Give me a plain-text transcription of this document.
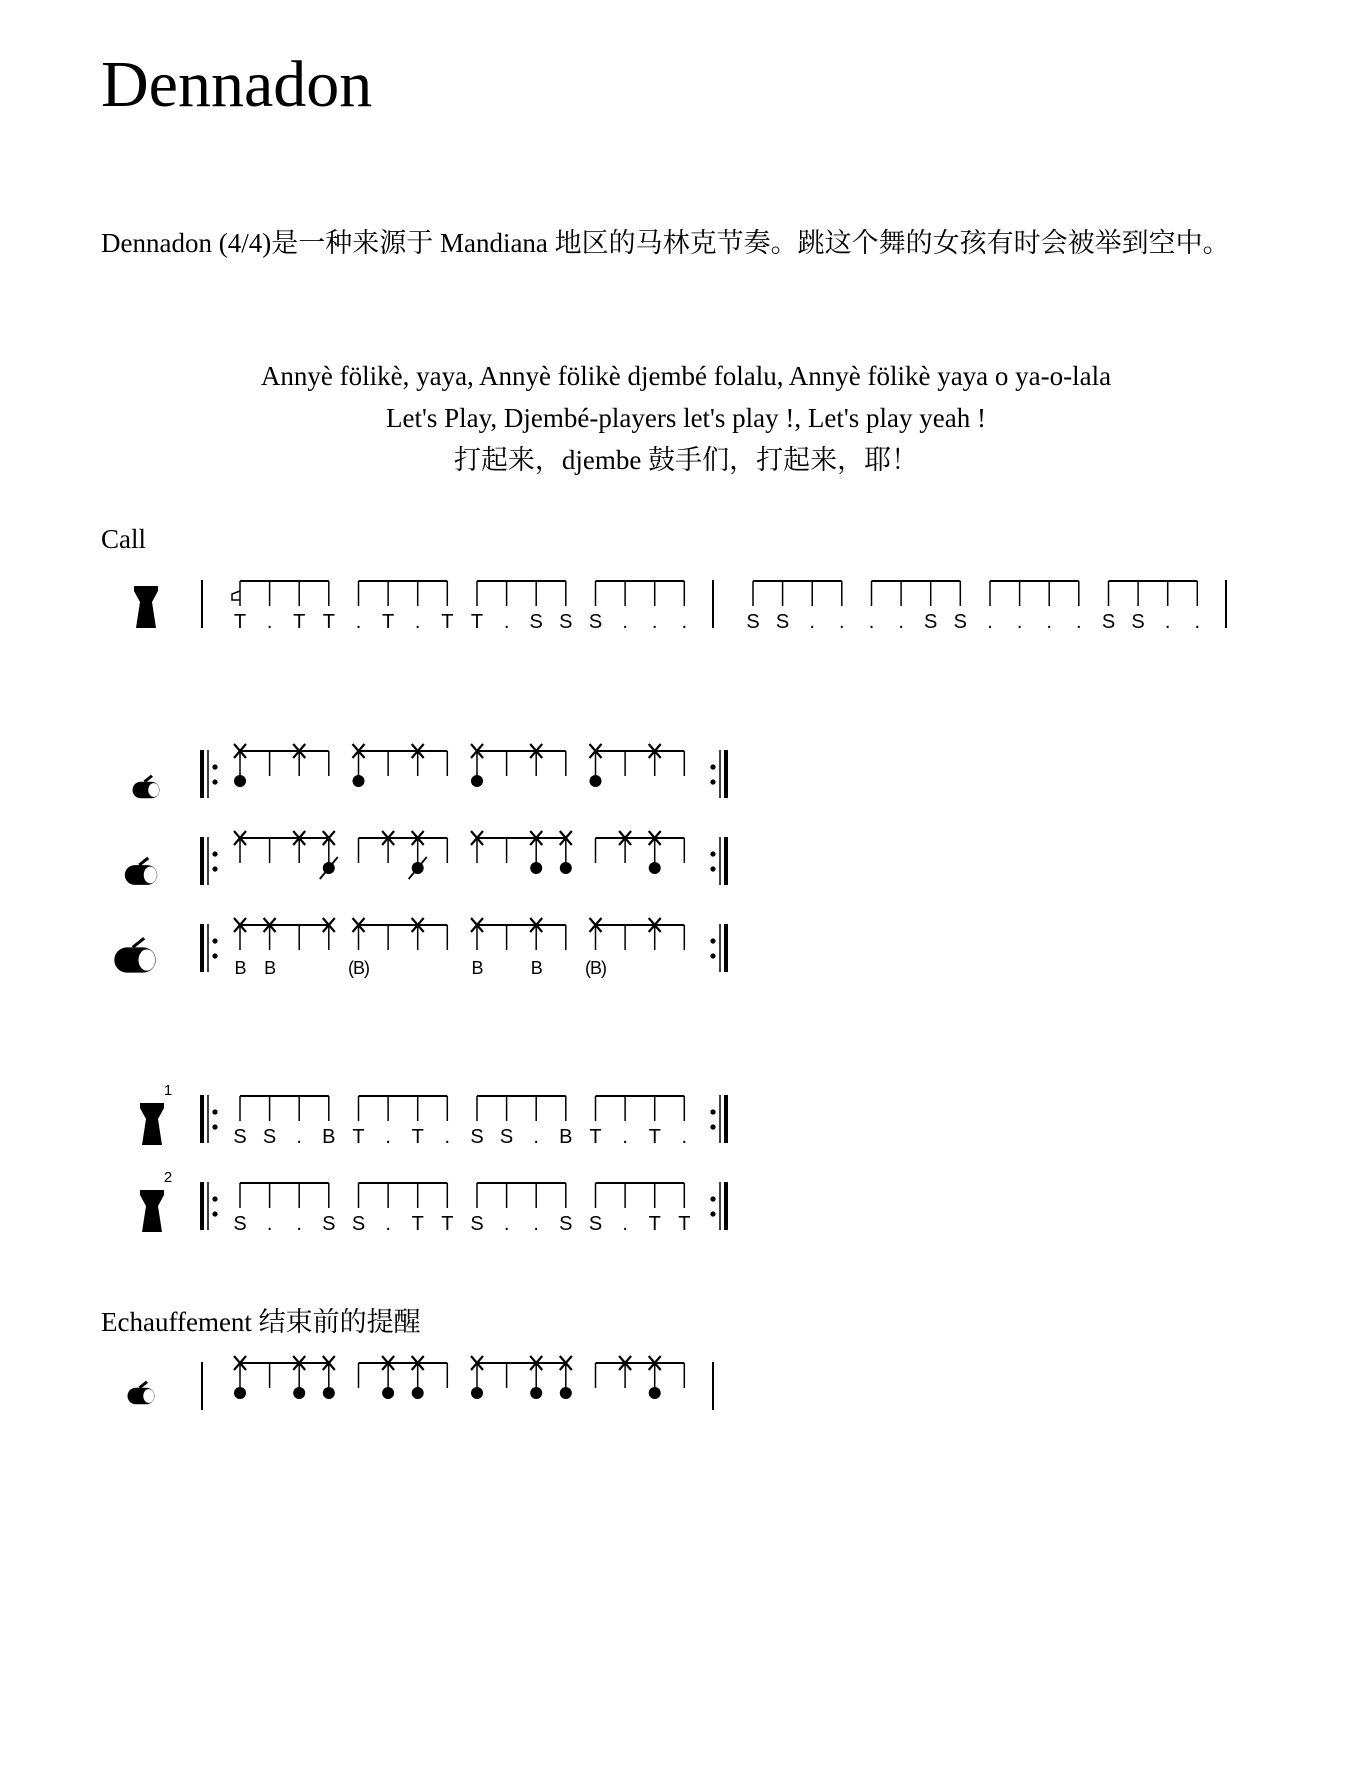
Dennadon
Dennadon (4/4)是一种来源于 Mandiana 地区的马林克节奏。跳这个舞的女孩有时会被举到空中。
Annyè fölikè, yaya, Annyè fölikè djembé folalu, Annyè fölikè yaya o ya-o-lala
Let's Play, Djembé-players let's play !, Let's play yeah !
打起来，djembe 鼓手们，打起来，耶！
Call
T . T T . T . T T . S S S . . .	S S . . . . S S . . . . S S . .
B B	(B)	B	B (B)
1
S S . B T . T . S S . B T . T .
2
S . . S S . T T S . . S S . T T
Echauffement 结束前的提醒
